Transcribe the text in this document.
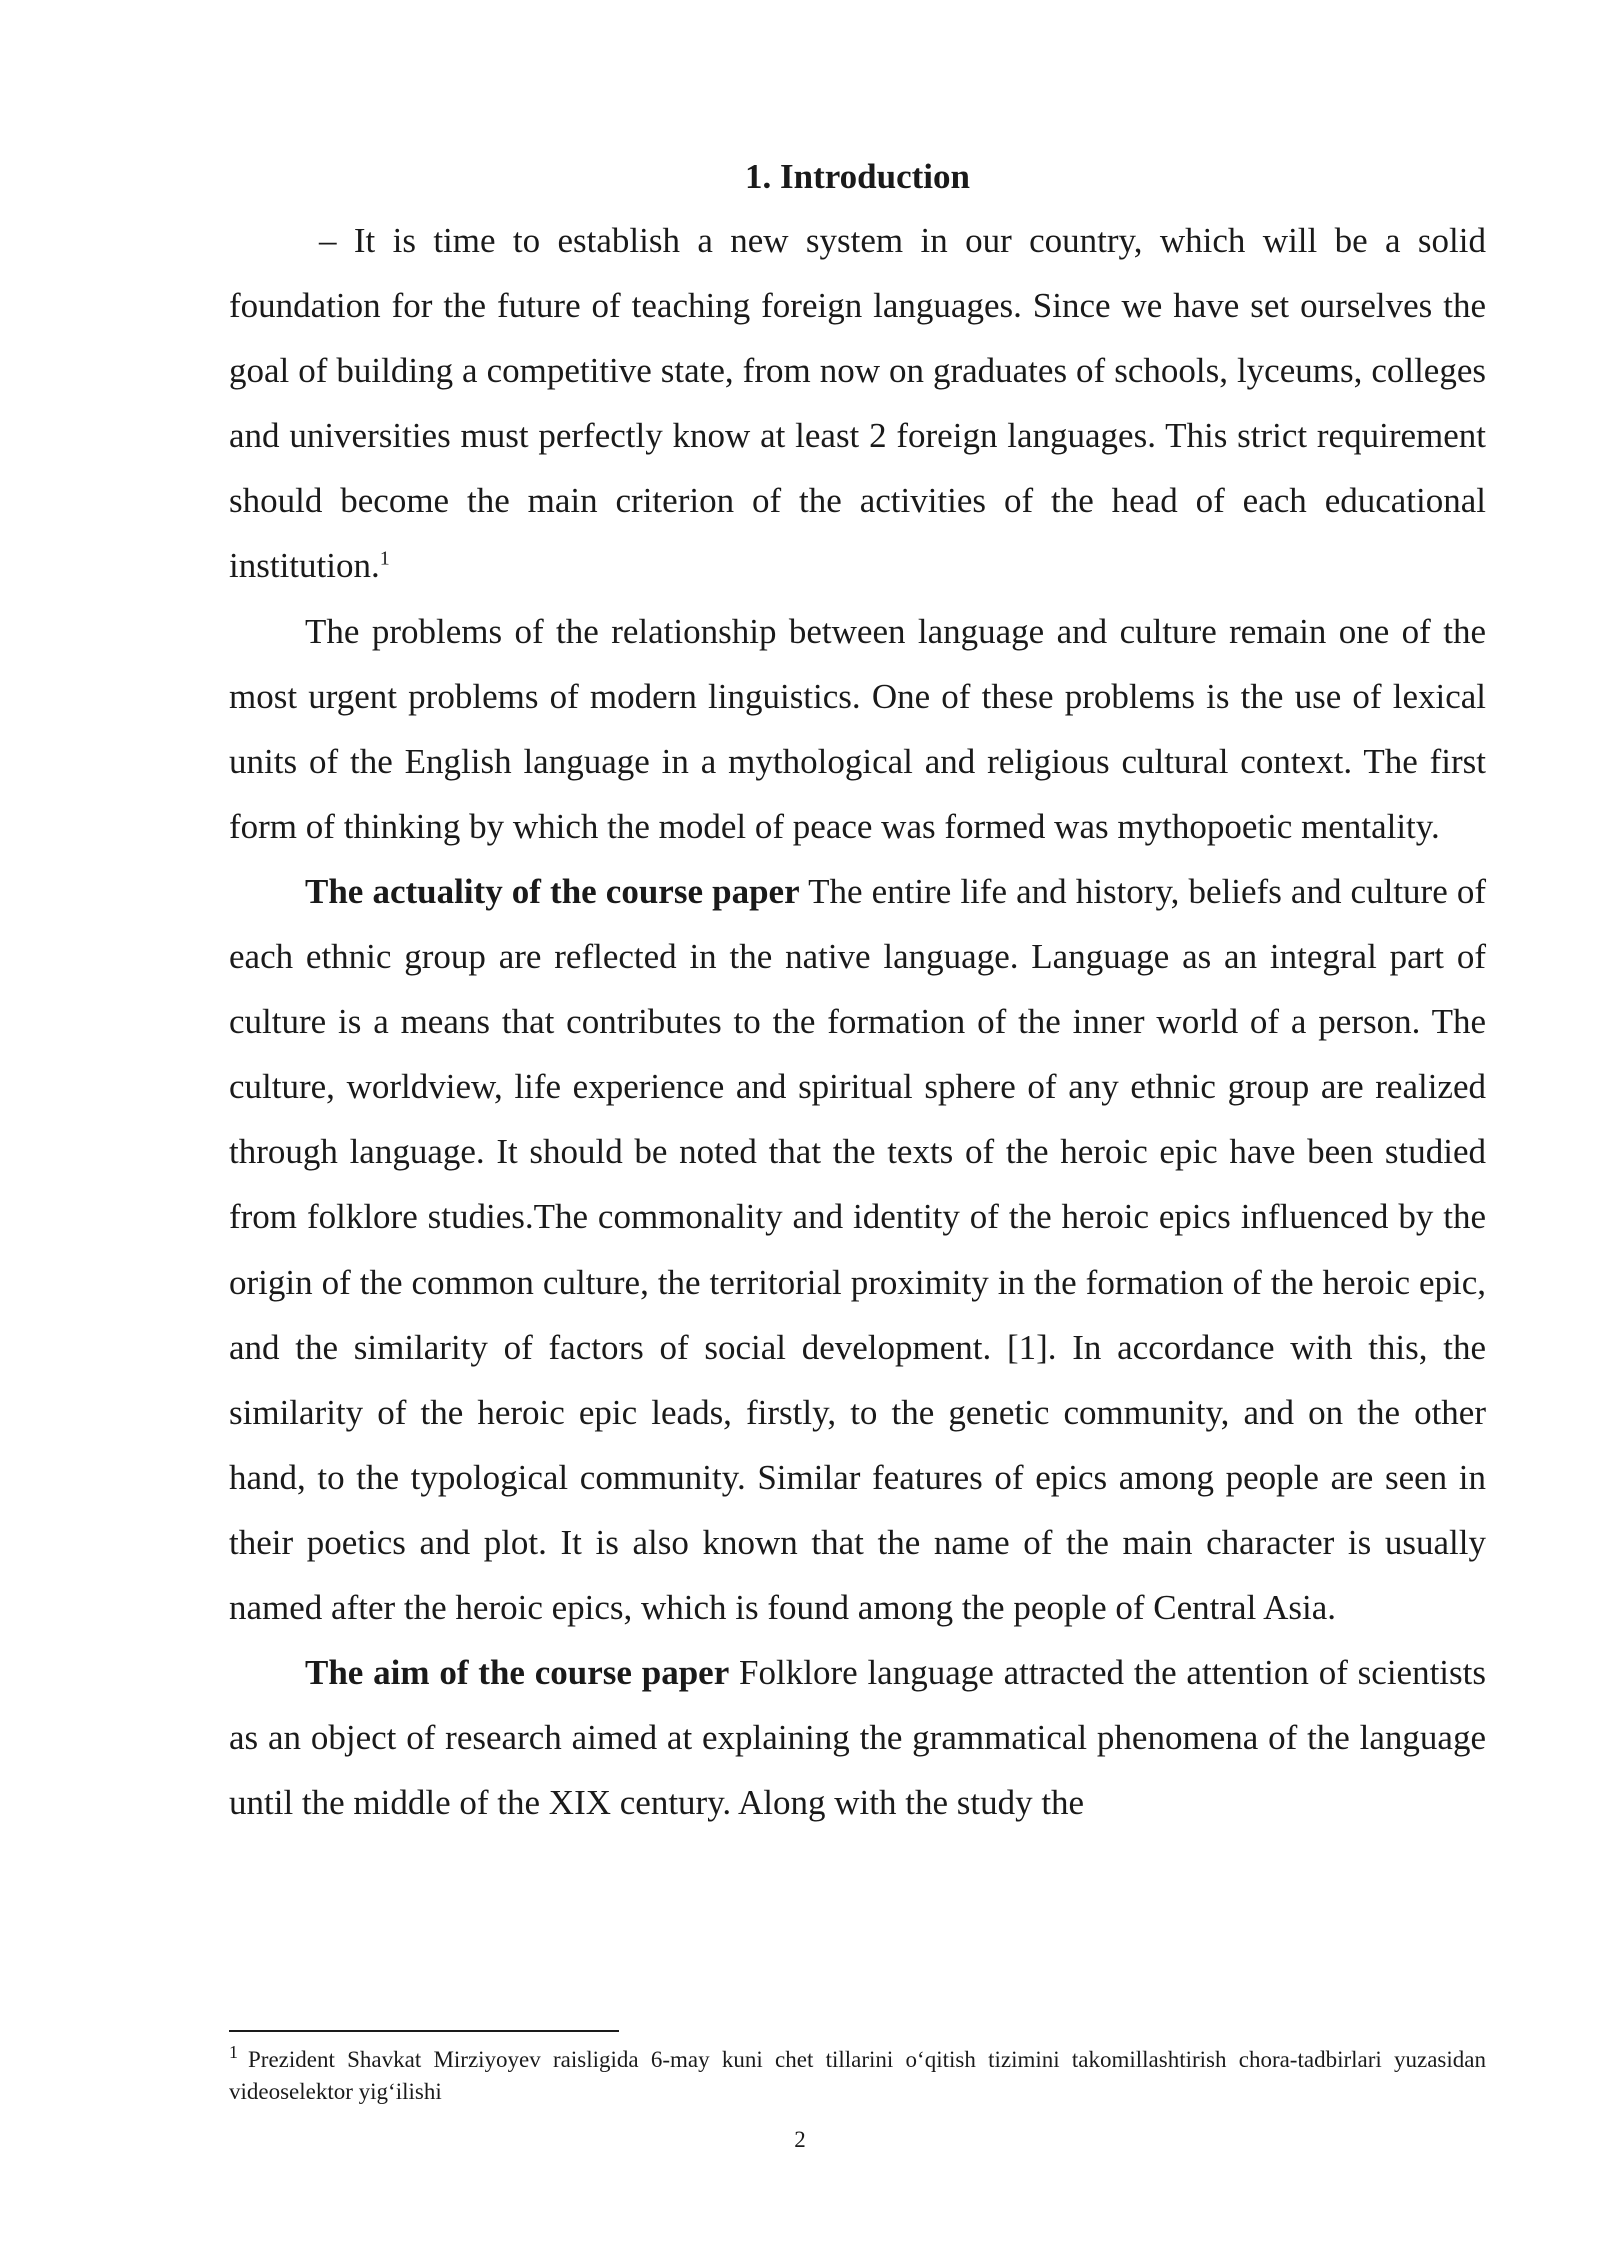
1. Introduction

– It is time to establish a new system in our country, which will be a solid foundation for the future of teaching foreign languages. Since we have set ourselves the goal of building a competitive state, from now on graduates of schools, lyceums, colleges and universities must perfectly know at least 2 foreign languages. This strict requirement should become the main criterion of the activities of the head of each educational institution.$^1$

The problems of the relationship between language and culture remain one of the most urgent problems of modern linguistics. One of these problems is the use of lexical units of the English language in a mythological and religious cultural context. The first form of thinking by which the model of peace was formed was mythopoetic mentality.

The actuality of the course paper The entire life and history, beliefs and culture of each ethnic group are reflected in the native language. Language as an integral part of culture is a means that contributes to the formation of the inner world of a person. The culture, worldview, life experience and spiritual sphere of any ethnic group are realized through language. It should be noted that the texts of the heroic epic have been studied from folklore studies.The commonality and identity of the heroic epics influenced by the origin of the common culture, the territorial proximity in the formation of the heroic epic, and the similarity of factors of social development. [1]. In accordance with this, the similarity of the heroic epic leads, firstly, to the genetic community, and on the other hand, to the typological community. Similar features of epics among people are seen in their poetics and plot. It is also known that the name of the main character is usually named after the heroic epics, which is found among the people of Central Asia.

The aim of the course paper Folklore language attracted the attention of scientists as an object of research aimed at explaining the grammatical phenomena of the language until the middle of the XIX century. Along with the study the

$^1$ Prezident Shavkat Mirziyoyev raisligida 6-may kuni chet tillarini o‘qitish tizimini takomillashtirish chora-tadbirlari yuzasidan videoselektor yig‘ilishi

2
